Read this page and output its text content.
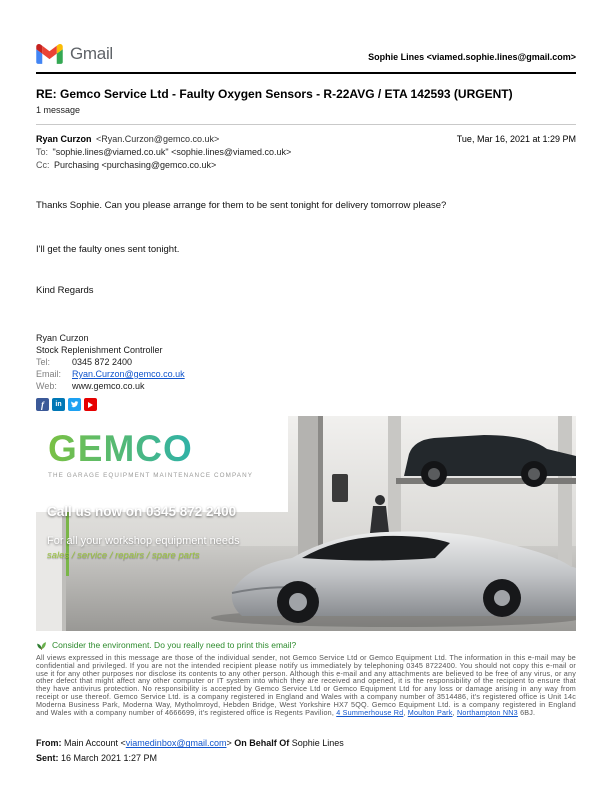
Gmail	Sophie Lines <viamed.sophie.lines@gmail.com>
RE: Gemco Service Ltd - Faulty Oxygen Sensors - R-22AVG / ETA 142593 (URGENT)
1 message
Ryan Curzon <Ryan.Curzon@gemco.co.uk>	Tue, Mar 16, 2021 at 1:29 PM
To: "sophie.lines@viamed.co.uk" <sophie.lines@viamed.co.uk>
Cc: Purchasing <purchasing@gemco.co.uk>

Thanks Sophie. Can you please arrange for them to be sent tonight for delivery tomorrow please?

I'll get the faulty ones sent tonight.

Kind Regards

Ryan Curzon
Stock Replenishment Controller
Tel: 0345 872 2400
Email: Ryan.Curzon@gemco.co.uk
Web: www.gemco.co.uk
f in
GEMCO
THE GARAGE EQUIPMENT MAINTENANCE COMPANY
Call us now on 0345 872 2400
For all your workshop equipment needs
sales / service / repairs / spare parts
Consider the environment. Do you really need to print this email?

All views expressed in this message are those of the individual sender, not Gemco Service Ltd or Gemco Equipment Ltd. The information in this e-mail may be confidential and privileged. If you are not the intended recipient please notify us immediately by telephoning 0345 8722400. You should not copy this e-mail or use it for any other purposes nor disclose its contents to any other person. Although this e-mail and any attachments are believed to be free of any virus, or any other defect that might affect any other computer or IT system into which they are received and opened, it is the responsibility of the recipient to ensure that they have antivirus protection. No responsibility is accepted by Gemco Service Ltd or Gemco Equipment Ltd for any loss or damage arising in any way from receipt or use thereof. Gemco Service Ltd. is a company registered in England and Wales with a company number of 3514486, it's registered office is Unit 14c Moderna Business Park, Moderna Way, Mytholmroyd, Hebden Bridge, West Yorkshire HX7 5QQ. Gemco Equipment Ltd. is a company registered in England and Wales with a company number of 4666699, it's registered office is Regents Pavilion, 4 Summerhouse Rd, Moulton Park, Northampton NN3 6BJ.

From: Main Account <viamedinbox@gmail.com> On Behalf Of Sophie Lines
Sent: 16 March 2021 1:27 PM
